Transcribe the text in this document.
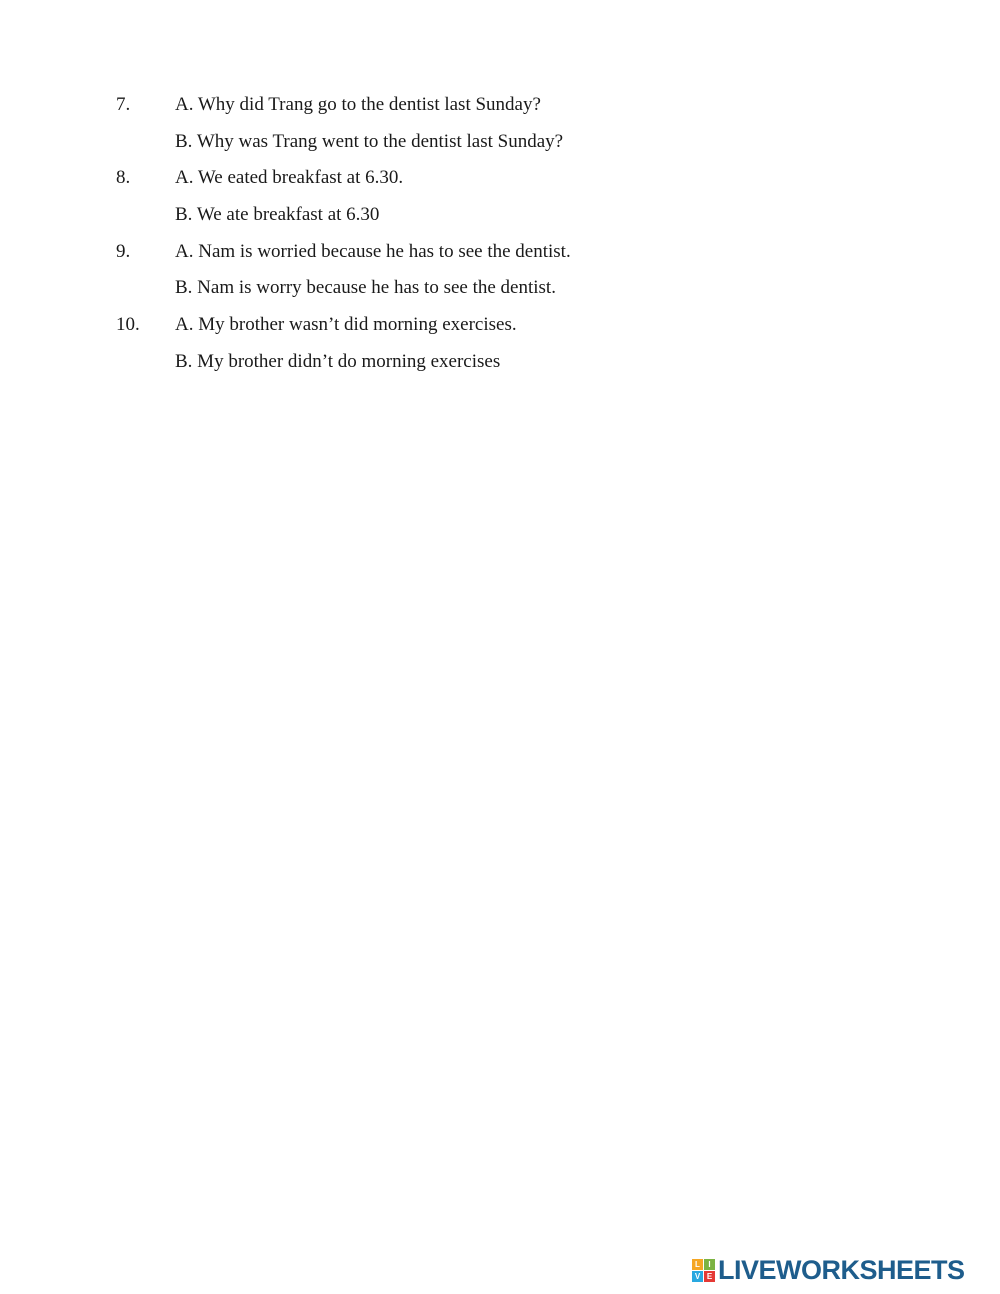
7. A. Why did Trang go to the dentist last Sunday?
B. Why was Trang went to the dentist last Sunday?
8. A. We eated breakfast at 6.30.
B. We ate breakfast at 6.30
9. A. Nam is worried because he has to see the dentist.
B. Nam is worry because he has to see the dentist.
10. A. My brother wasn’t did morning exercises.
B. My brother didn’t do morning exercises
L	I
V E LIVEWORKSHEETS
